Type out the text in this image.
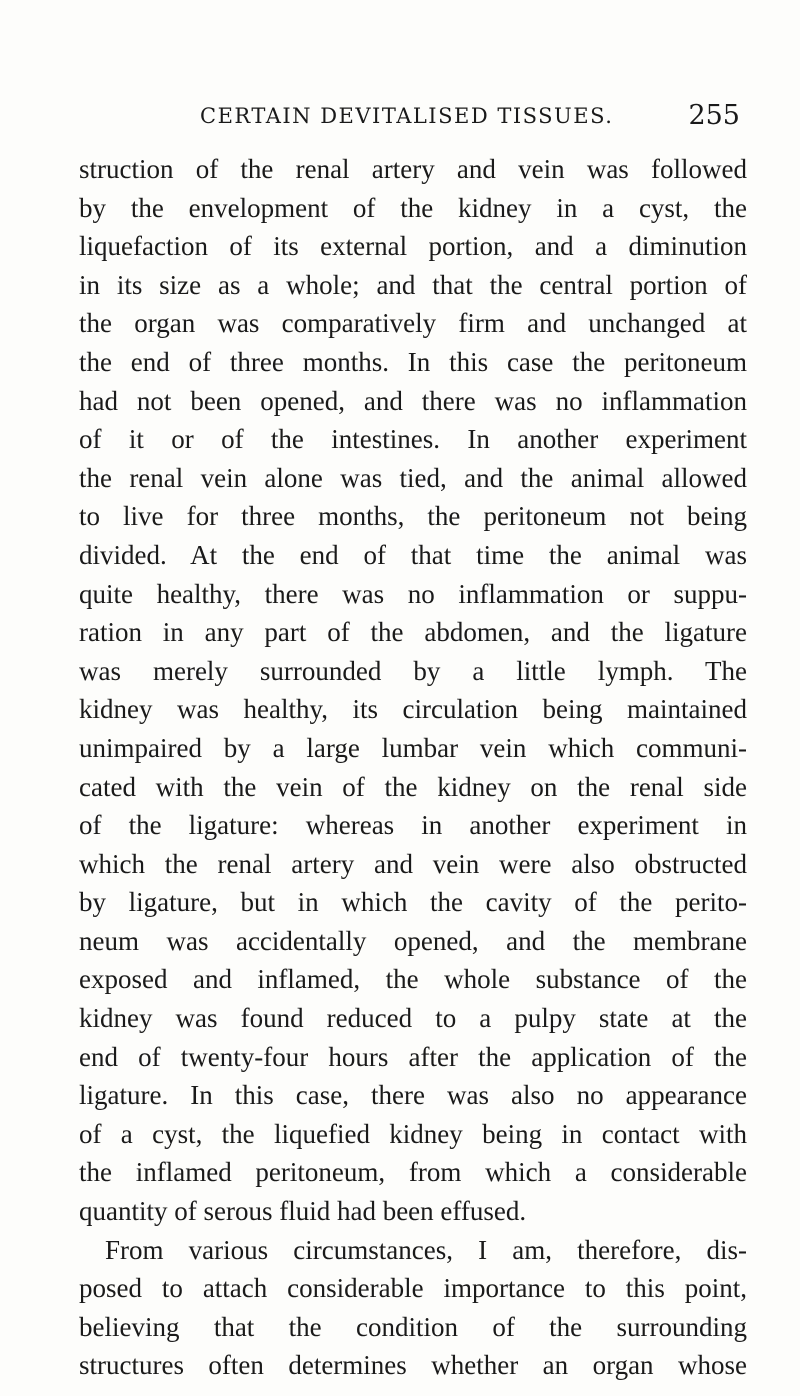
CERTAIN DEVITALISED TISSUES.	255
struction of the renal artery and vein was followed
by the envelopment of the kidney in a cyst, the
liquefaction of its external portion, and a diminution
in its size as a whole; and that the central portion of
the organ was comparatively firm and unchanged at
the end of three months. In this case the peritoneum
had not been opened, and there was no inflammation
of it or of the intestines. In another experiment
the renal vein alone was tied, and the animal allowed
to live for three months, the peritoneum not being
divided. At the end of that time the animal was
quite healthy, there was no inflammation or suppu-
ration in any part of the abdomen, and the ligature
was merely surrounded by a little lymph. The
kidney was healthy, its circulation being maintained
unimpaired by a large lumbar vein which communi-
cated with the vein of the kidney on the renal side
of the ligature: whereas in another experiment in
which the renal artery and vein were also obstructed
by ligature, but in which the cavity of the perito-
neum was accidentally opened, and the membrane
exposed and inflamed, the whole substance of the
kidney was found reduced to a pulpy state at the
end of twenty-four hours after the application of the
ligature. In this case, there was also no appearance
of a cyst, the liquefied kidney being in contact with
the inflamed peritoneum, from which a considerable
quantity of serous fluid had been effused.
From various circumstances, I am, therefore, dis-
posed to attach considerable importance to this point,
believing that the condition of the surrounding
structures often determines whether an organ whose
